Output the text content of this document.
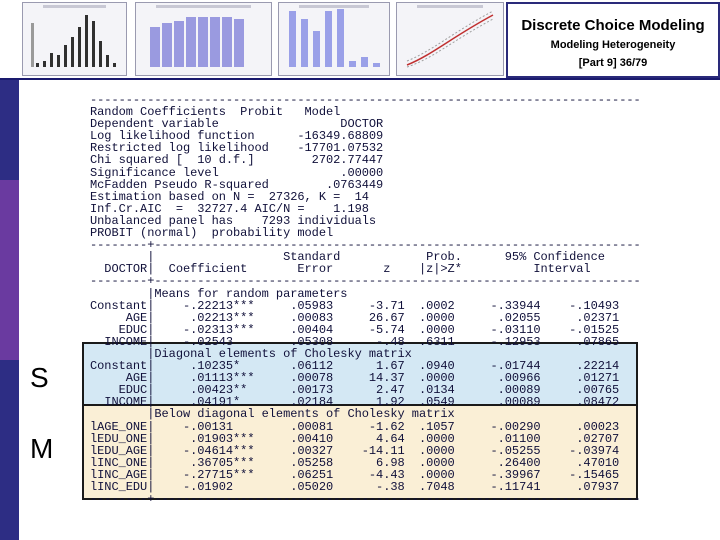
Discrete Choice Modeling
Modeling Heterogeneity
[Part 9] 36/79
S
M
-----------------------------------------------------------------------------
Random Coefficients  Probit   Model
Dependent variable                 DOCTOR
Log likelihood function      -16349.68809
Restricted log likelihood    -17701.07532
Chi squared [  10 d.f.]        2702.77447
Significance level                 .00000
McFadden Pseudo R-squared        .0763449
Estimation based on N =  27326, K =  14
Inf.Cr.AIC  =  32727.4 AIC/N =    1.198
Unbalanced panel has    7293 individuals
PROBIT (normal)  probability model
--------+--------------------------------------------------------------------
|                  Standard            Prob.      95% Confidence
DOCTOR|  Coefficient       Error       z    |z|>Z*          Interval
--------+--------------------------------------------------------------------
|Means for random parameters
Constant|    -.22213***     .05983     -3.71  .0002     -.33944    -.10493
AGE|     .02213***     .00083     26.67  .0000      .02055     .02371
EDUC|    -.02313***     .00404     -5.74  .0000     -.03110    -.01525
INCOME|    -.02543        .05308      -.48  .6311     -.12953     .07865
|Diagonal elements of Cholesky matrix
Constant|     .10235*       .06112      1.67  .0940     -.01744     .22214
AGE|     .01113***     .00078     14.37  .0000      .00966     .01271
EDUC|     .00423**      .00173      2.47  .0134      .00089     .00765
INCOME|     .04191*       .02184      1.92  .0549      .00089     .08472
|Below diagonal elements of Cholesky matrix
lAGE_ONE|    -.00131        .00081     -1.62  .1057     -.00290     .00023
lEDU_ONE|     .01903***     .00410      4.64  .0000      .01100     .02707
lEDU_AGE|    -.04614***     .00327    -14.11  .0000     -.05255    -.03974
lINC_ONE|     .36705***     .05258      6.98  .0000      .26400     .47010
lINC_AGE|    -.27715***     .06251     -4.43  .0000     -.39967    -.15465
lINC_EDU|    -.01902        .05020      -.38  .7048     -.11741     .07937
--------+--------------------------------------------------------------------
